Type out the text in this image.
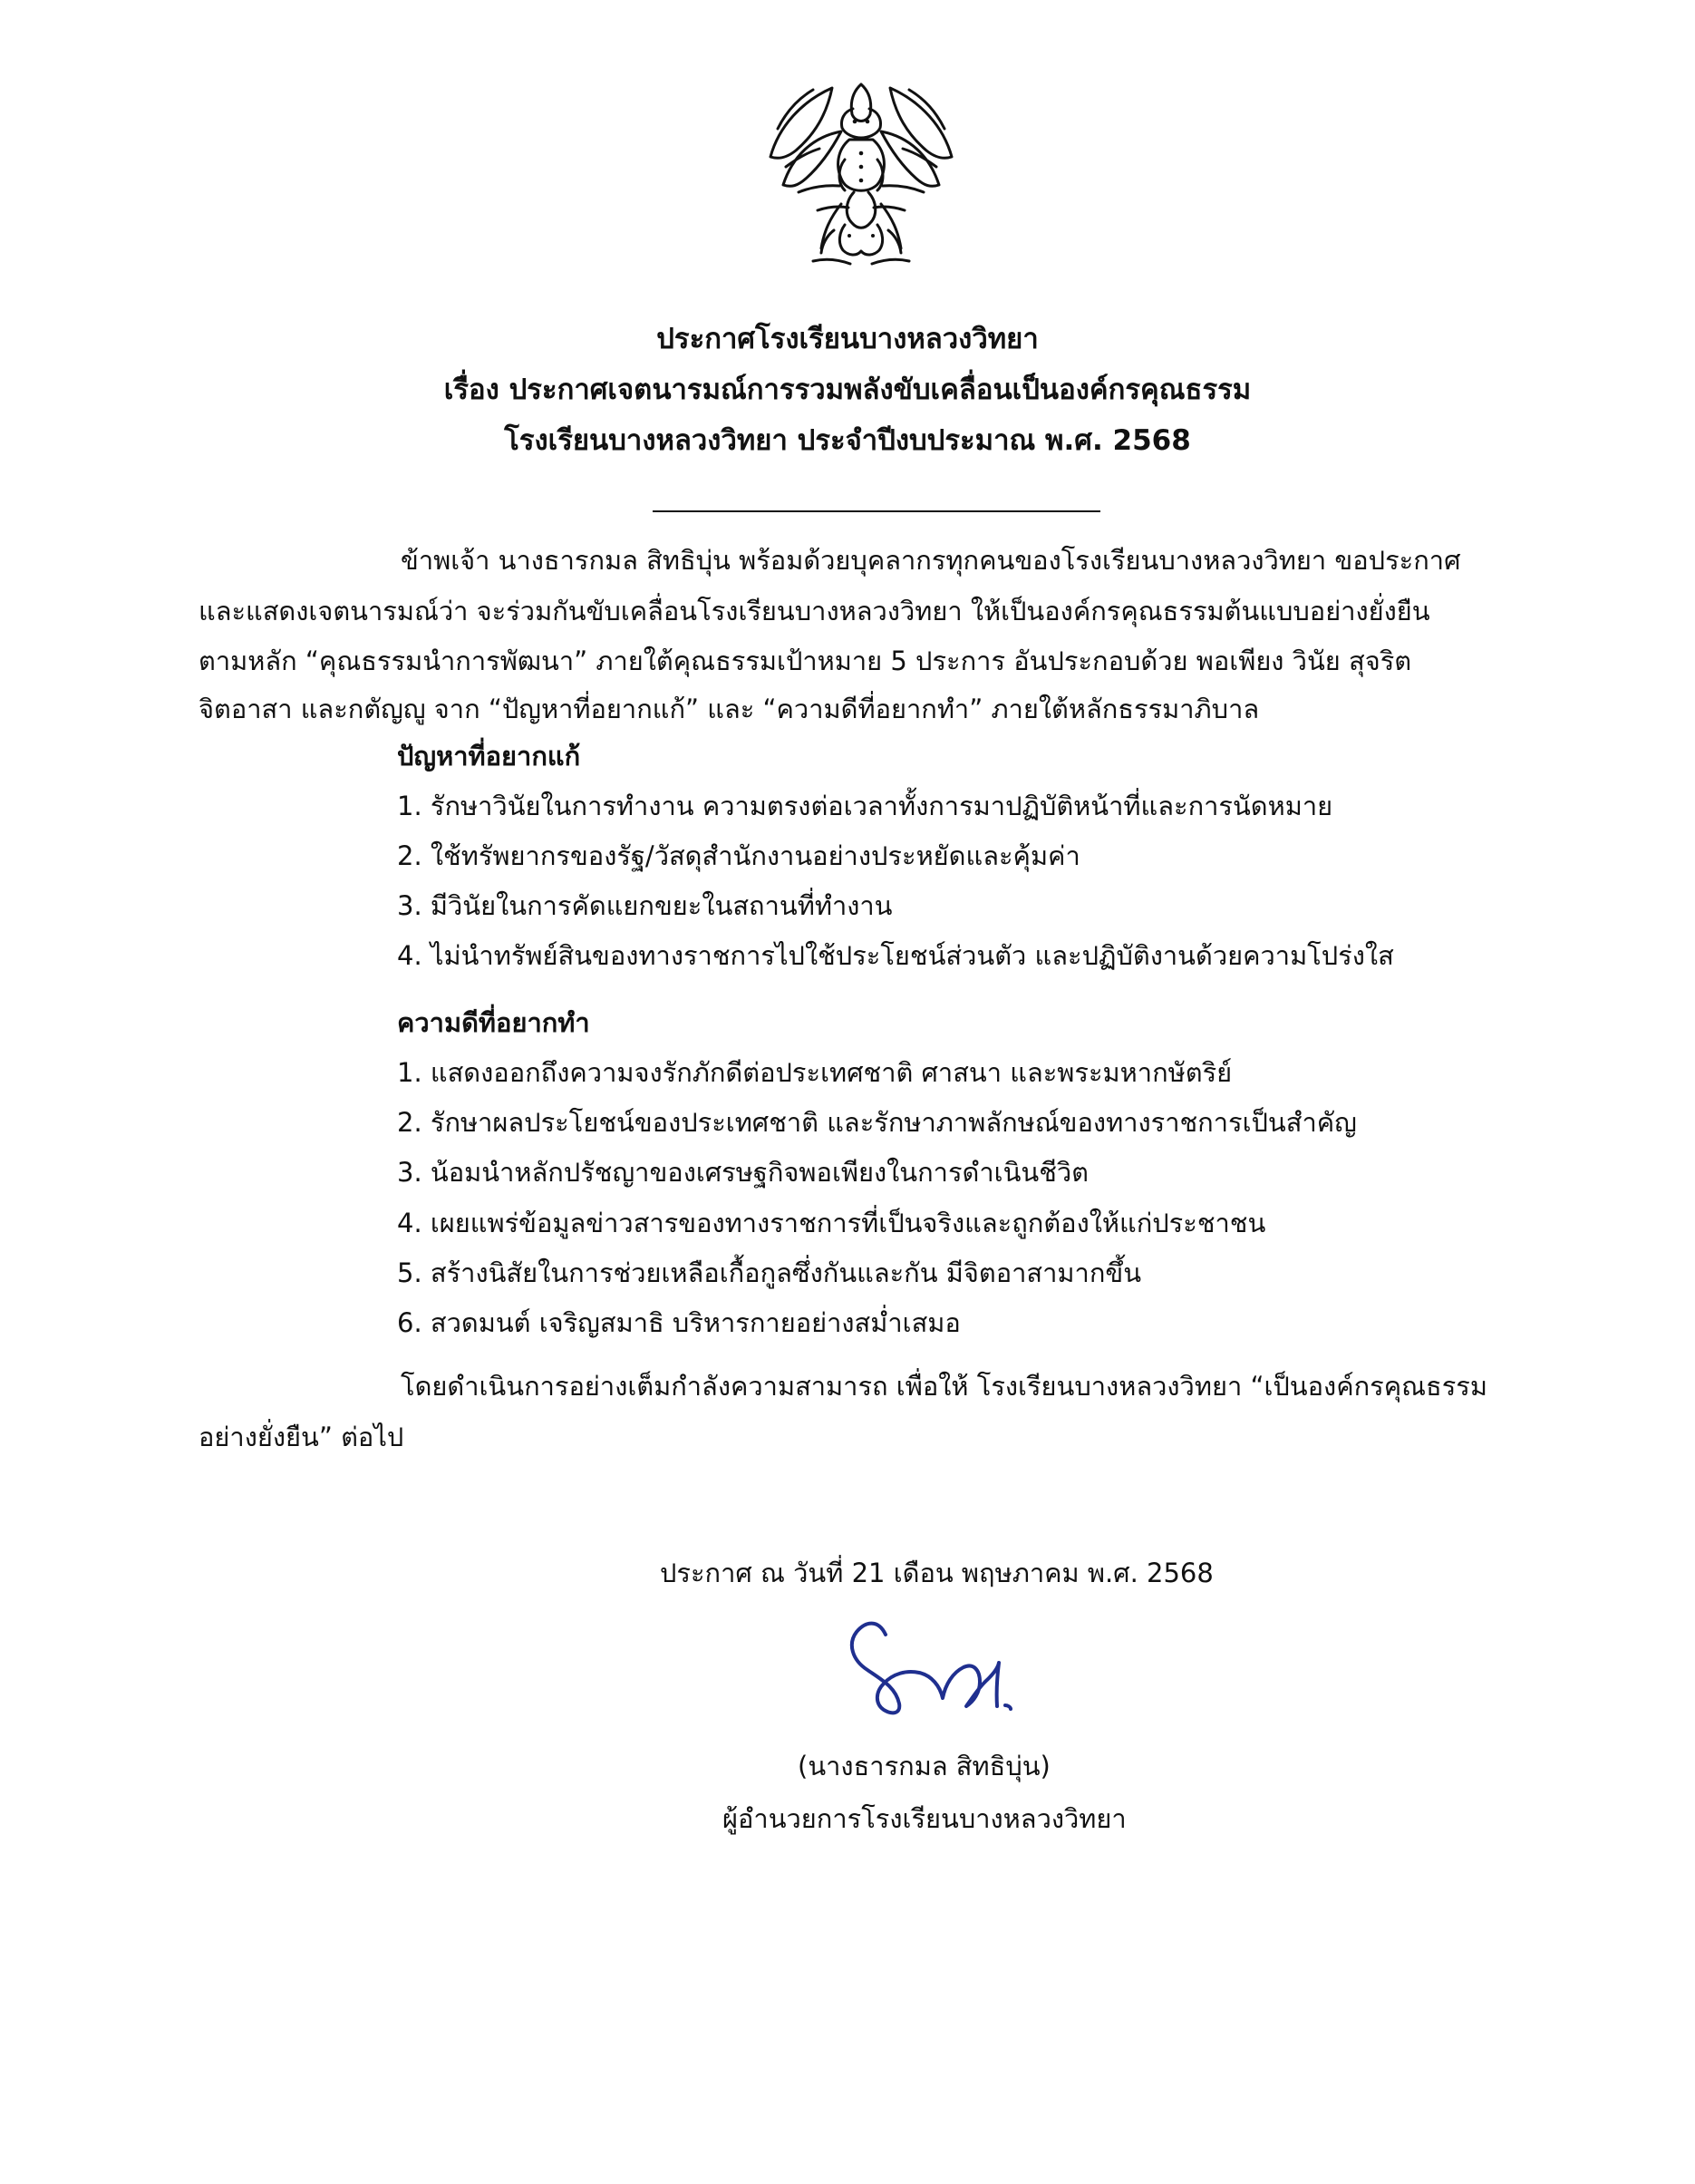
ประกาศโรงเรียนบางหลวงวิทยา
เรื่อง ประกาศเจตนารมณ์การรวมพลังขับเคลื่อนเป็นองค์กรคุณธรรม
โรงเรียนบางหลวงวิทยา ประจำปีงบประมาณ พ.ศ. 2568

ข้าพเจ้า นางธารกมล สิทธิบุ่น พร้อมด้วยบุคลากรทุกคนของโรงเรียนบางหลวงวิทยา ขอประกาศ

และแสดงเจตนารมณ์ว่า จะร่วมกันขับเคลื่อนโรงเรียนบางหลวงวิทยา ให้เป็นองค์กรคุณธรรมต้นแบบอย่างยั่งยืน

ตามหลัก “คุณธรรมนำการพัฒนา” ภายใต้คุณธรรมเป้าหมาย 5 ประการ อันประกอบด้วย พอเพียง วินัย สุจริต

จิตอาสา และกตัญญู จาก “ปัญหาที่อยากแก้” และ “ความดีที่อยากทำ” ภายใต้หลักธรรมาภิบาล

ปัญหาที่อยากแก้
1. รักษาวินัยในการทำงาน ความตรงต่อเวลาทั้งการมาปฏิบัติหน้าที่และการนัดหมาย
2. ใช้ทรัพยากรของรัฐ/วัสดุสำนักงานอย่างประหยัดและคุ้มค่า
3. มีวินัยในการคัดแยกขยะในสถานที่ทำงาน
4. ไม่นำทรัพย์สินของทางราชการไปใช้ประโยชน์ส่วนตัว และปฏิบัติงานด้วยความโปร่งใส
ความดีที่อยากทำ
1. แสดงออกถึงความจงรักภักดีต่อประเทศชาติ ศาสนา และพระมหากษัตริย์
2. รักษาผลประโยชน์ของประเทศชาติ และรักษาภาพลักษณ์ของทางราชการเป็นสำคัญ
3. น้อมนำหลักปรัชญาของเศรษฐกิจพอเพียงในการดำเนินชีวิต
4. เผยแพร่ข้อมูลข่าวสารของทางราชการที่เป็นจริงและถูกต้องให้แก่ประชาชน
5. สร้างนิสัยในการช่วยเหลือเกื้อกูลซึ่งกันและกัน มีจิตอาสามากขึ้น
6. สวดมนต์ เจริญสมาธิ บริหารกายอย่างสม่ำเสมอ

โดยดำเนินการอย่างเต็มกำลังความสามารถ เพื่อให้ โรงเรียนบางหลวงวิทยา “เป็นองค์กรคุณธรรม

อย่างยั่งยืน” ต่อไป

ประกาศ ณ วันที่ 21 เดือน พฤษภาคม พ.ศ. 2568

(นางธารกมล สิทธิบุ่น)

ผู้อำนวยการโรงเรียนบางหลวงวิทยา
